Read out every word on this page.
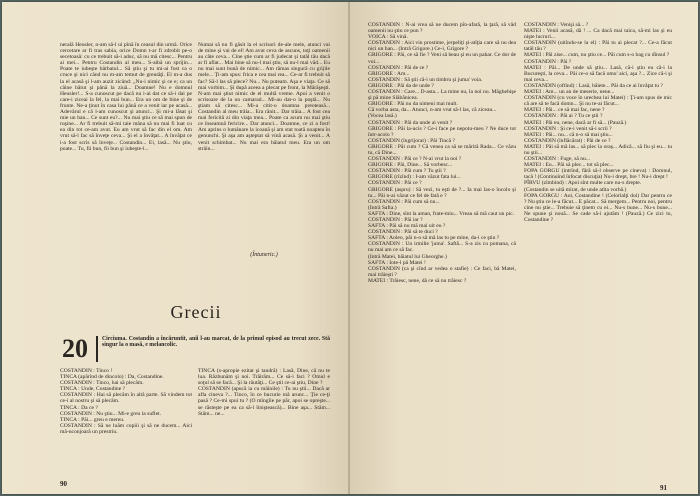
nerală Heusler, n-am să-l ui pînă în ceasul din urmă. Orice cercetare ar fi tras sabia, orice Domn t-ar fi zdrobit pe-o secetoasă: cu ce trebuit să-i aduc, să nu mă citesc... Pentru ai mei... Pentru Costandin al meu... S-aibă un sprijin... Poate te iubeşte bărbatul... Să ştiu şi tu mi-ai fost ca o cruce şi nici când nu m-am temut de greutăţi. El m-a dus la el acasă şi l-am auzit zicând: „Nu-i nimic şi ce e; ca un câine bătut şi până la ziuă... Doamne! Nu e domnul Heusler!... S-a cunoscut pe dacă nu i-ai dat ce să-i dai pe care-i ziceai la fel, la mai bun... Era un om de bine şi de frunte. Ne-a ţinut în casa lui până ce a venit iar pe acasă... Adevărul e că l-am cunoscut şi atunci... Şi mi-a lăsat şi mie un ban... Ce sunt eu?... Nu mai ştiu ce să mai spun de ruşine... Ar fi trebuit să-mi taie mâna să nu mai fi luat cu ea din tot ce-am avut. Eu am vrut să fac din el om. Am vrut să-l fac să înveţe ceva... Şi el a învăţat... A învăţat ce i-a fost scris să înveţe... Costandin... Ei, lasă... Nu ştiu, poate... Tu, fii bun, fii bun şi iubeşte-l...
Numai să nu fi găsit la el scrisori de-ale mele, atunci vai de mine şi vai de el! Am avut ceva de ascuns, toţi oamenii au câte ceva... Cine ştie cum ar fi judecat şi tatăl tău dacă ar fi aflat... Mai bine să nu-l mai ştiu, să nu-l mai văd... Eu nu mai sunt bună de nimic... Am rămas singură cu grijile mele... Ţi-am spus: frica e cea mai rea... Ce-ar fi trebuit să fac? Să-l las să plece? Nu... Nu puteam. Aşa e viaţa. Ce să mai vorbim... Şi după aceea a plecat pe front, la Mărăşeşti. N-am mai ştiut nimic de el multă vreme. Apoi a venit o scrisoare de la un camarad... Mi-au dat-o la poştă... Nu ştiam să citesc... Mi-a citit-o doamna preoteasă... Costandin al meu trăia... Era rănit... Dar trăia... A fost cea mai fericită zi din viaţa mea... Poate ca acum nu mai ştiu ce înseamnă fericire... Dar atunci... Doamne, ce zi a fost! Am aprins o lumânare la icoană şi am stat toată noaptea în genunchi. Şi aşa am aşteptat să vină acasă. Şi a venit... A venit schimbat... Nu mai era băiatul meu. Era un om străin...
(Întuneric.)
Grecii
20 Circiuma. Costandin a încăruntit, anii l-au marcat, de la primul episod au trecut zece. Stă singur la o masă, e melancolic.
COSTANDIN : Tinco !
TINCA (apărînd de dincolo) : Da, Costandine.
COSTANDIN : Tinco, hai să plecăm.
TINCA : Unde, Costandine ?
COSTANDIN : Hai să plecăm în altă parte. Să vindem tot ce-i al nostru şi să plecăm.
TINCA : Da ce ?
COSTANDIN : Nu ştiu... Mi-e greu la suflet.
TINCA : Păi... greu e mereu.
COSTANDIN : Să ne luăm copiii şi să ne ducem... Aici mă-nconjoară un prestriu.
TINCA (s-apropie ezitat şi tandră) : Lasă, Dine, că nu te lua. Răzbunăm şi noi. Trăirăm... Ce să-i faci ? Omul e soţul să se facă... Şi la răutăţi... Ce ştii ce-ai ştiu, Dine ?
COSTANDIN (apucă ia cu mâinile) : Tu nu ştii... Dacă ar afla cineva ?... Tinco, în ce bucurie mă arunc... Ţie ce-ţi pasă ? Ce-mi spui tu ? (O mîngîie pe păr, apoi se opreşte... se răsteşte pe ea ca să-l liniştească)... Bine aşa... Stăm... Stăm... ne...
90
COSTANDIN : N-ai vrea să ne ducem pîn-afară, la ţară, să văd oamenii nu ştiu ce pun ?
VOICA : Să vină.
COSTANDIN : Aici vin prostime, jerpeliţi şi-atîţia care să nu dea nici un ban... (Intră Grigore.) Ce-i, Grigore ?
GRIGORE : Păi, ce să fie ? Veni să beau şi eu un pahar. Ce dor de voi...
COSTANDIN : Păi de ce ?
GRIGORE : Am...
COSTANDIN : Să ştii că-i un timbru şi juma' voia.
GRIGORE : Păi da de unde ?
COSTANDIN : Care... D-asta... La mine nu, la noi nu. Măghebişe şi pă mine Slăbănicea.
GRIGORE : Păi nu da nimeni mai mult.
Că vorba asta, da... Atunci, n-am vrut să-l las, că ziceau...
(Vocea lasă.)
COSTANDIN : Păi da unde ai venit ?
GRIGORE : Păi la-ucis ? Ce-i face pe nepotu-meu ? Ne duce tot într-acolo ?
COSTANDIN (îngrijorat) : Păi Tincă ?
GRIGORE : Păi cum ? Că venea ca să se mărită Rada... Ce văzu tu, că Dine...
COSTANDIN : Păi ce ? N-ai vrut la noi ?
GRIGORE : Păi, Dine... Să vorbesc...
COSTANDIN : Păi cum ? Tu ştii ?
GRIGORE (rîzînd) : I-am văzut fata lui...
COSTANDIN : Păi ce ?
GRIGORE (aspru) : Să vezi, tu eşti de ?... Ia mai las-o încolo şi tu... Păi n-ai văzut ce fel de fată e ?
COSTANDIN : Păi cum să nu...
(Intră Safta.)
SAFTA : Dine, sînt la aman, frate-miu... Vreau să mă caut un pic.
COSTANDIN : Păi iar ?
SAFTA : Păi să nu mă mai uit eu ?
COSTANDIN : Păi să te duci ?
SAFTA : Aoleo, păi n-o să mă las tu pe mine, da-i ce ştiu ?
COSTANDIN : Un irmilie 'juma'. Saftă... S-a zis cu pomana, că nu mai am ce să fac.
(Intră Matei, băiatul lui Gheorghe.)
SAFTA : Iote-l pă Matei !
COSTANDIN (ca şi cînd ar vedea o stafie) : Ce faci, bă Matei, mai trăieşti ?
MATEI : Trăiesc, nene, dă ce să nu trăiesc ?
COSTANDIN : Venişi să... ?
MATEI : Venii acasă, dă ! ... Ca dacă mai taica, să-mi las şi eu nişte lucruri...
COSTANDIN (uitîndu-se la el) : Păi tu ai plecat ?... Ce-a făcut tatăl tău ?
MATEI : Păi zise... cum, nu ştiu ce... Păi cum s-o bag cu dînsul ?
COSTANDIN : Păi ?
MATEI : Păi... De unde să ştiu... Lasă, că-i ştiu eu că-i la Bucureşti, la ceva... Păi ce-o să facă omu' aici, aşa ?... Zice că-i şi mai ceva...
COSTANDIN (oftînd) : Lasă, băiete... Păi da ce ai învăţat tu ?
MATEI : Am... un an de meserie, nene...
COSTANDIN (cu voce în urechea lui Matei) : Ţi-am spus de mic că are să te facă domn... Şi nu te-ai făcut...
MATEI : Păi... ce să mai fac, nene ?
COSTANDIN : Păi ai ? Tu ce ştii ?
MATEI : Păi eu, nene, dacă ar fi să... (Pauză.)
COSTANDIN : Şi ce-i venit să-i scrii ?
MATEI : Păi... nu... că n-o să mai ştiu...
COSTANDIN (înflăcărat) : Păi de ce ?
MATEI : Păi să mă las... să plec la oraş... Adică... să fiu şi eu... tu nu ştii...
COSTANDIN : Fuge, să nu...
MATEI : Eu... Păi să plec... tot să plec...
FOPA GORGU (intrînd, fără să-l observe pe cineva) : Domnul, tacă ! (Continuînd înfocat discuţia) Nu-i drept, bre ! Nu-i drept !
PÎRVU (zîmbind) : Apoi sînt multe care nu-s drepte.
(Costandin se uită mirat, de unde atîta vorbă.)
FOPA GORGU : Aoi, Costandine ! (Celorlalţi doi) Dar pentru ce ? Nu ştiu ce le-a făcut... E păcat... Să mergem... Pentru noi, pentru cine nu ştie... Trebuie să ţinem cu ei... Nu-s bune... Nu-s bune... Ne spune şi nouă... Se cade să-i ajutăm ! (Pauză.) Ce zici tu, Costandine ?
91
